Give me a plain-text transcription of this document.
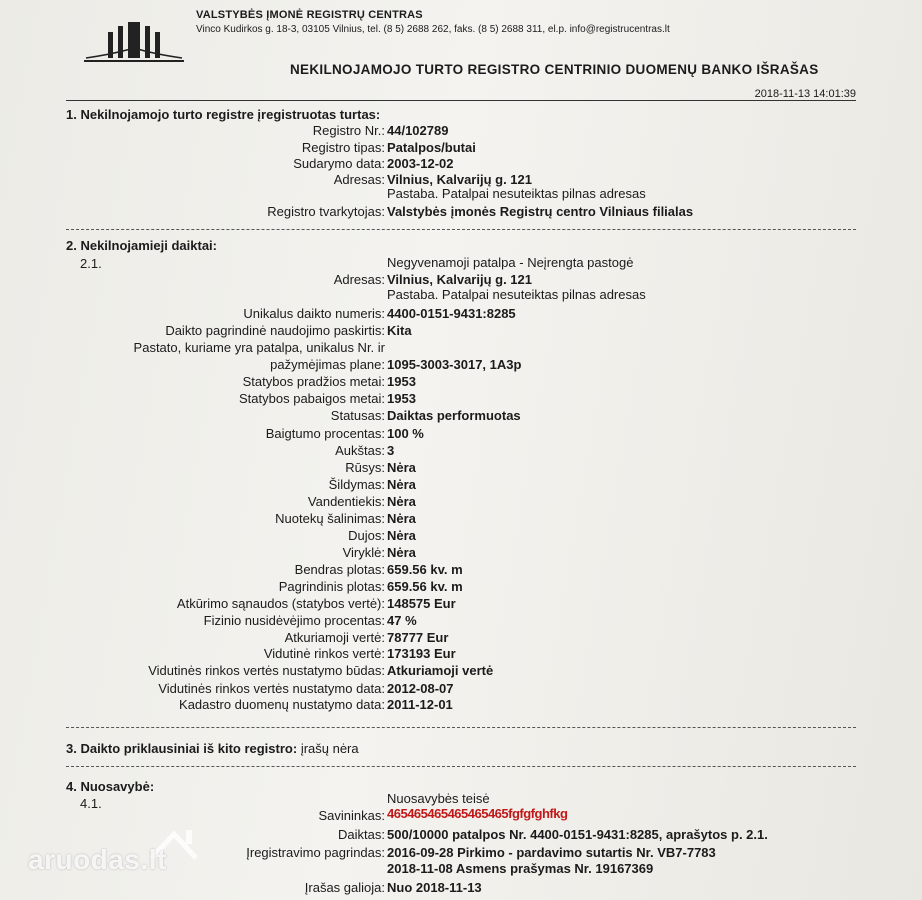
VALSTYBĖS ĮMONĖ REGISTRŲ CENTRAS
Vinco Kudirkos g. 18-3, 03105 Vilnius, tel. (8 5) 2688 262, faks. (8 5) 2688 311, el.p. info@registrucentras.lt
NEKILNOJAMOJO TURTO REGISTRO CENTRINIO DUOMENŲ BANKO IŠRAŠAS
2018-11-13 14:01:39
1. Nekilnojamojo turto registre įregistruotas turtas:
Registro Nr.: 44/102789
Registro tipas: Patalpos/butai
Sudarymo data: 2003-12-02
Adresas: Vilnius, Kalvarijų g. 121
Pastaba. Patalpai nesuteiktas pilnas adresas
Registro tvarkytojas: Valstybės įmonės Registrų centro Vilniaus filialas
2. Nekilnojamieji daiktai:
2.1.	Negyvenamoji patalpa - Neįrengta pastogė
Adresas: Vilnius, Kalvarijų g. 121
Pastaba. Patalpai nesuteiktas pilnas adresas
Unikalus daikto numeris: 4400-0151-9431:8285
Daikto pagrindinė naudojimo paskirtis: Kita
Pastato, kuriame yra patalpa, unikalus Nr. ir
pažymėjimas plane: 1095-3003-3017, 1A3p
Statybos pradžios metai: 1953
Statybos pabaigos metai: 1953
Statusas: Daiktas performuotas
Baigtumo procentas: 100 %
Aukštas: 3
Rūsys: Nėra
Šildymas: Nėra
Vandentiekis: Nėra
Nuotekų šalinimas: Nėra
Dujos: Nėra
Viryklė: Nėra
Bendras plotas: 659.56 kv. m
Pagrindinis plotas: 659.56 kv. m
Atkūrimo sąnaudos (statybos vertė): 148575 Eur
Fizinio nusidėvėjimo procentas: 47 %
Atkuriamoji vertė: 78777 Eur
Vidutinė rinkos vertė: 173193 Eur
Vidutinės rinkos vertės nustatymo būdas: Atkuriamoji vertė
Vidutinės rinkos vertės nustatymo data: 2012-08-07
Kadastro duomenų nustatymo data: 2011-12-01
3. Daikto priklausiniai iš kito registro: įrašų nėra
4. Nuosavybė:
4.1.	Nuosavybės teisė
Savininkas: 465465465465465465fgfgfghfkg
Daiktas: 500/10000 patalpos Nr. 4400-0151-9431:8285, aprašytos p. 2.1.
Įregistravimo pagrindas: 2016-09-28 Pirkimo - pardavimo sutartis Nr. VB7-7783
2018-11-08 Asmens prašymas Nr. 19167369
Įrašas galioja: Nuo 2018-11-13
aruodas.lt
